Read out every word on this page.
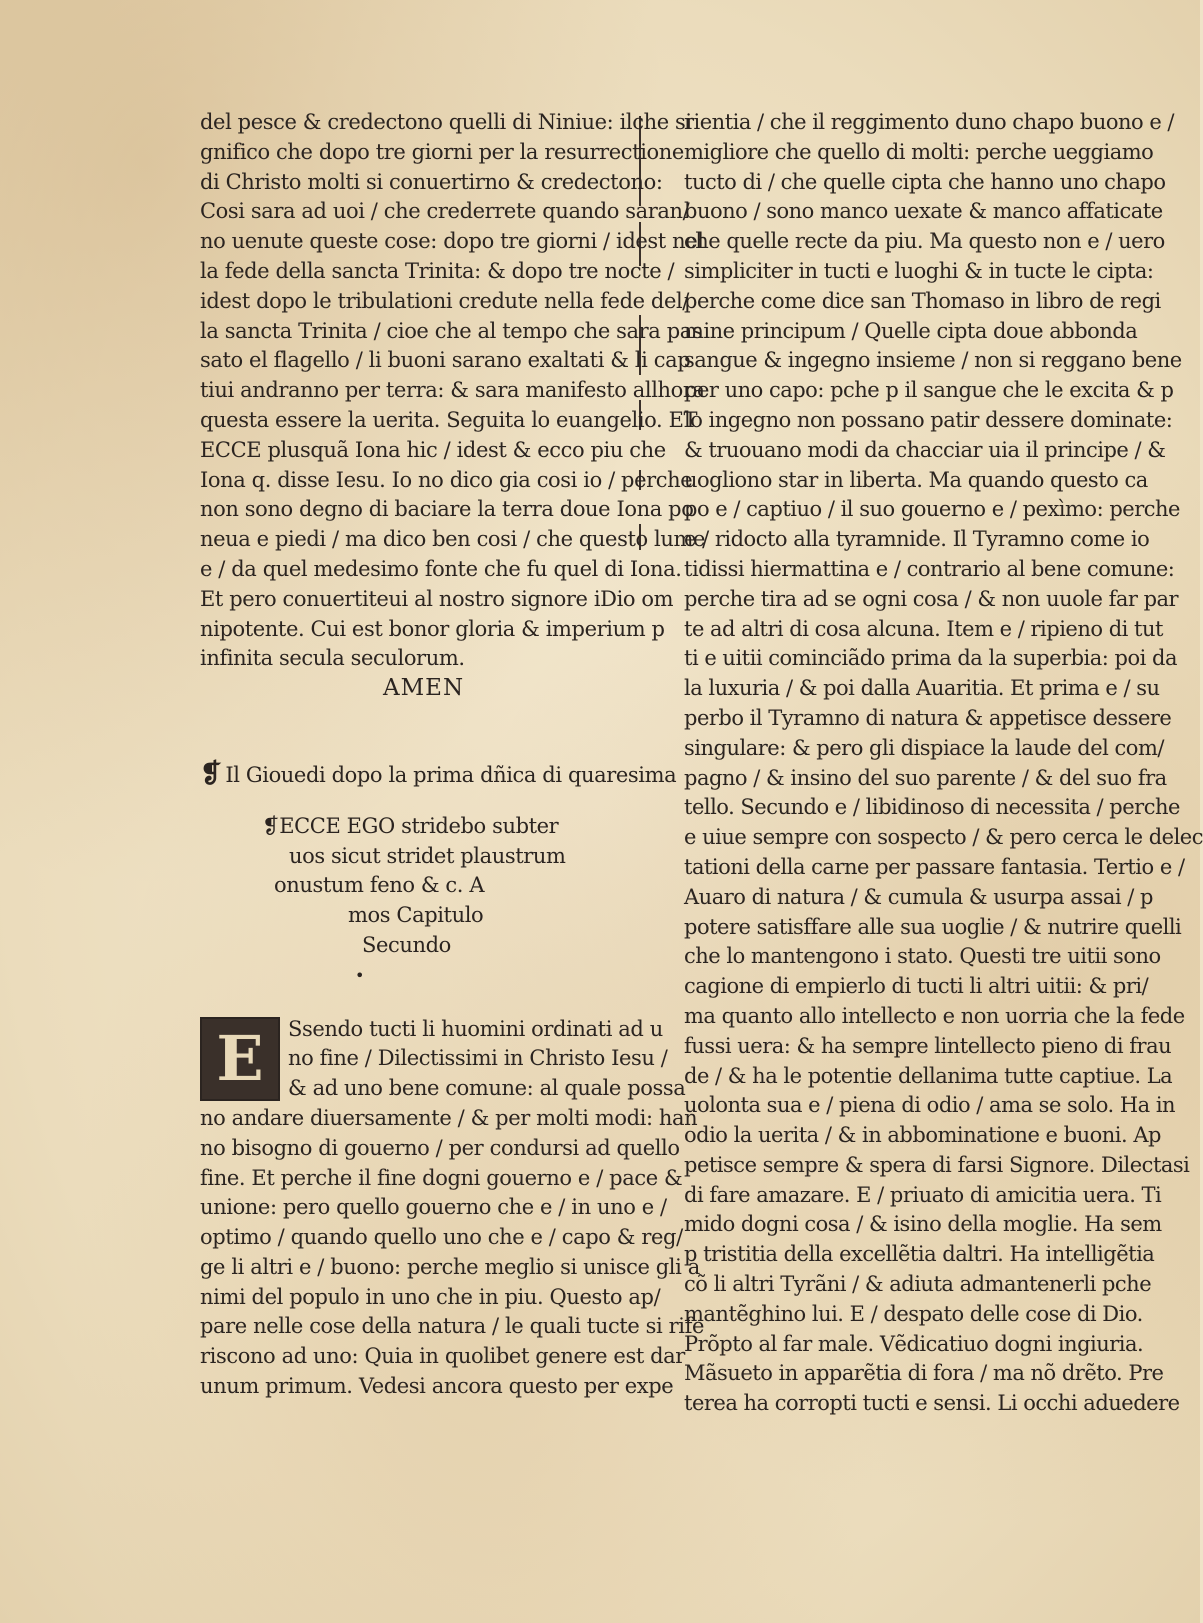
del pesce & credectono quelli di Niniue: ilche si
gnifico che dopo tre giorni per la resurrectione
di Christo molti si conuertirno & credectono:
Cosi sara ad uoi / che crederrete quando saran/
no uenute queste cose: dopo tre giorni / idest nel
la fede della sancta Trinita: & dopo tre nocte /
idest dopo le tribulationi credute nella fede del/
la sancta Trinita / cioe che al tempo che sara pas
sato el flagello / li buoni sarano exaltati & li cap
tiui andranno per terra: & sara manifesto allhora
questa essere la uerita. Seguita lo euangelio. ET
ECCE plusquã Iona hic / idest & ecco piu che
Iona q. disse Iesu. Io no dico gia cosi io / perche
non sono degno di baciare la terra doue Iona po
neua e piedi / ma dico ben cosi / che questo lume
e / da quel medesimo fonte che fu quel di Iona.
Et pero conuertiteui al nostro signore iDio om
nipotente. Cui est bonor gloria & imperium p
infinita secula seculorum.
AMEN
❡ Il Giouedi dopo la prima dñica di quaresima
❡ECCE EGO stridebo subter
uos sicut stridet plaustrum
onustum feno & c. A
mos Capitulo
Secundo
•
E	Ssendo tucti li huomini ordinati ad u
no fine / Dilectissimi in Christo Iesu /
& ad uno bene comune: al quale possa
no andare diuersamente / & per molti modi: han
no bisogno di gouerno / per condursi ad quello
fine. Et perche il fine dogni gouerno e / pace &
unione: pero quello gouerno che e / in uno e /
optimo / quando quello uno che e / capo & reg/
ge li altri e / buono: perche meglio si unisce gli a
nimi del populo in uno che in piu. Questo ap/
pare nelle cose della natura / le quali tucte si rife
riscono ad uno: Quia in quolibet genere est dar
unum primum. Vedesi ancora questo per expe
rientia / che il reggimento duno chapo buono e /
migliore che quello di molti: perche ueggiamo
tucto di / che quelle cipta che hanno uno chapo
buono / sono manco uexate & manco affaticate
che quelle recte da piu. Ma questo non e / uero
simpliciter in tucti e luoghi & in tucte le cipta:
perche come dice san Thomaso in libro de regi
mine principum / Quelle cipta doue abbonda
sangue & ingegno insieme / non si reggano bene
per uno capo: pche p il sangue che le excita & p
lo ingegno non possano patir dessere dominate:
& truouano modi da chacciar uia il principe / &
uogliono star in liberta. Ma quando questo ca
po e / captiuo / il suo gouerno e / pexìmo: perche
e / ridocto alla tyramnide. Il Tyramno come io
tidissi hiermattina e / contrario al bene comune:
perche tira ad se ogni cosa / & non uuole far par
te ad altri di cosa alcuna. Item e / ripieno di tut
ti e uitii cominciãdo prima da la superbia: poi da
la luxuria / & poi dalla Auaritia. Et prima e / su
perbo il Tyramno di natura & appetisce dessere
singulare: & pero gli dispiace la laude del com/
pagno / & insino del suo parente / & del suo fra
tello. Secundo e / libidinoso di necessita / perche
e uiue sempre con sospecto / & pero cerca le delec
tationi della carne per passare fantasia. Tertio e /
Auaro di natura / & cumula & usurpa assai / p
potere satisffare alle sua uoglie / & nutrire quelli
che lo mantengono i stato. Questi tre uitii sono
cagione di empierlo di tucti li altri uitii: & pri/
ma quanto allo intellecto e non uorria che la fede
fussi uera: & ha sempre lintellecto pieno di frau
de / & ha le potentie dellanima tutte captiue. La
uolonta sua e / piena di odio / ama se solo. Ha in
odio la uerita / & in abbominatione e buoni. Ap
petisce sempre & spera di farsi Signore. Dilectasi
di fare amazare. E / priuato di amicitia uera. Ti
mido dogni cosa / & isino della moglie. Ha sem
p tristitia della excellẽtia daltri. Ha intelligẽtia
cõ li altri Tyrãni / & adiuta admantenerli pche
mantẽghino lui. E / despato delle cose di Dio.
Prõpto al far male. Vẽdicatiuo dogni ingiuria.
Mãsueto in apparẽtia di fora / ma nõ drẽto. Pre
terea ha corropti tucti e sensi. Li occhi aduedere
